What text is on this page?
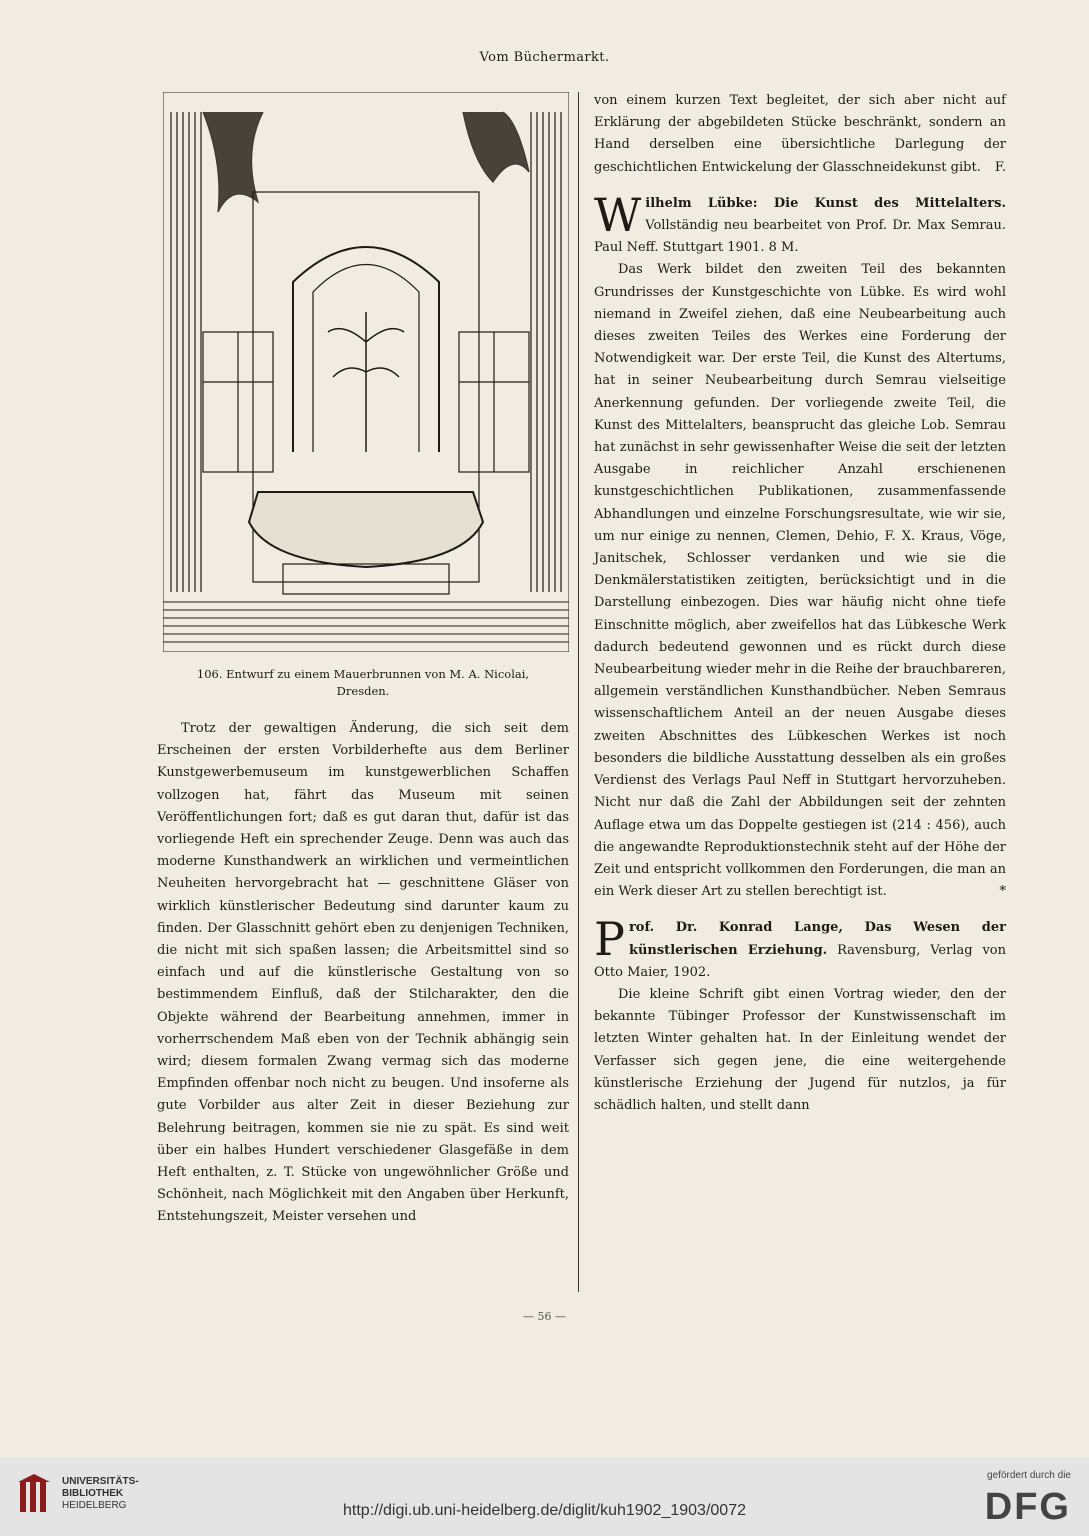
Vom Büchermarkt.
106. Entwurf zu einem Mauerbrunnen von M. A. Nicolai,
Dresden.

Trotz der gewaltigen Änderung, die sich seit dem Erscheinen der ersten Vorbilderhefte aus dem Berliner Kunstgewerbemuseum im kunstgewerblichen Schaffen vollzogen hat, fährt das Museum mit seinen Veröffentlichungen fort; daß es gut daran thut, dafür ist das vorliegende Heft ein sprechender Zeuge. Denn was auch das moderne Kunsthandwerk an wirklichen und vermeintlichen Neuheiten hervorgebracht hat — geschnittene Gläser von wirklich künstlerischer Bedeutung sind darunter kaum zu finden. Der Glasschnitt gehört eben zu denjenigen Techniken, die nicht mit sich spaßen lassen; die Arbeitsmittel sind so einfach und auf die künstlerische Gestaltung von so bestimmendem Einfluß, daß der Stilcharakter, den die Objekte während der Bearbeitung annehmen, immer in vorherrschendem Maß eben von der Technik abhängig sein wird; diesem formalen Zwang vermag sich das moderne Empfinden offenbar noch nicht zu beugen. Und insoferne als gute Vorbilder aus alter Zeit in dieser Beziehung zur Belehrung beitragen, kommen sie nie zu spät. Es sind weit über ein halbes Hundert verschiedener Glasgefäße in dem Heft enthalten, z. T. Stücke von ungewöhnlicher Größe und Schönheit, nach Möglichkeit mit den Angaben über Herkunft, Entstehungszeit, Meister versehen und

von einem kurzen Text begleitet, der sich aber nicht auf Erklärung der abgebildeten Stücke beschränkt, sondern an Hand derselben eine übersichtliche Darlegung der geschichtlichen Entwickelung der Glasschneidekunst gibt. F.

Wilhelm Lübke: Die Kunst des Mittelalters. Vollständig neu bearbeitet von Prof. Dr. Max Semrau. Paul Neff. Stuttgart 1901. 8 M.

Das Werk bildet den zweiten Teil des bekannten Grundrisses der Kunstgeschichte von Lübke. Es wird wohl niemand in Zweifel ziehen, daß eine Neubearbeitung auch dieses zweiten Teiles des Werkes eine Forderung der Notwendigkeit war. Der erste Teil, die Kunst des Altertums, hat in seiner Neubearbeitung durch Semrau vielseitige Anerkennung gefunden. Der vorliegende zweite Teil, die Kunst des Mittelalters, beansprucht das gleiche Lob. Semrau hat zunächst in sehr gewissenhafter Weise die seit der letzten Ausgabe in reichlicher Anzahl erschienenen kunstgeschichtlichen Publikationen, zusammenfassende Abhandlungen und einzelne Forschungsresultate, wie wir sie, um nur einige zu nennen, Clemen, Dehio, F. X. Kraus, Vöge, Janitschek, Schlosser verdanken und wie sie die Denkmälerstatistiken zeitigten, berücksichtigt und in die Darstellung einbezogen. Dies war häufig nicht ohne tiefe Einschnitte möglich, aber zweifellos hat das Lübkesche Werk dadurch bedeutend gewonnen und es rückt durch diese Neubearbeitung wieder mehr in die Reihe der brauchbareren, allgemein verständlichen Kunsthandbücher. Neben Semraus wissenschaftlichem Anteil an der neuen Ausgabe dieses zweiten Abschnittes des Lübkeschen Werkes ist noch besonders die bildliche Ausstattung desselben als ein großes Verdienst des Verlags Paul Neff in Stuttgart hervorzuheben. Nicht nur daß die Zahl der Abbildungen seit der zehnten Auflage etwa um das Doppelte gestiegen ist (214 : 456), auch die angewandte Reproduktionstechnik steht auf der Höhe der Zeit und entspricht vollkommen den Forderungen, die man an ein Werk dieser Art zu stellen berechtigt ist.	*

Prof. Dr. Konrad Lange, Das Wesen der künstlerischen Erziehung. Ravensburg, Verlag von Otto Maier, 1902.

Die kleine Schrift gibt einen Vortrag wieder, den der bekannte Tübinger Professor der Kunstwissenschaft im letzten Winter gehalten hat. In der Einleitung wendet der Verfasser sich gegen jene, die eine weitergehende künstlerische Erziehung der Jugend für nutzlos, ja für schädlich halten, und stellt dann

— 56 —
UNIVERSITÄTS-
BIBLIOTHEK
HEIDELBERG	http://digi.ub.uni-heidelberg.de/diglit/kuh1902_1903/0072
gefördert durch die
DFG
